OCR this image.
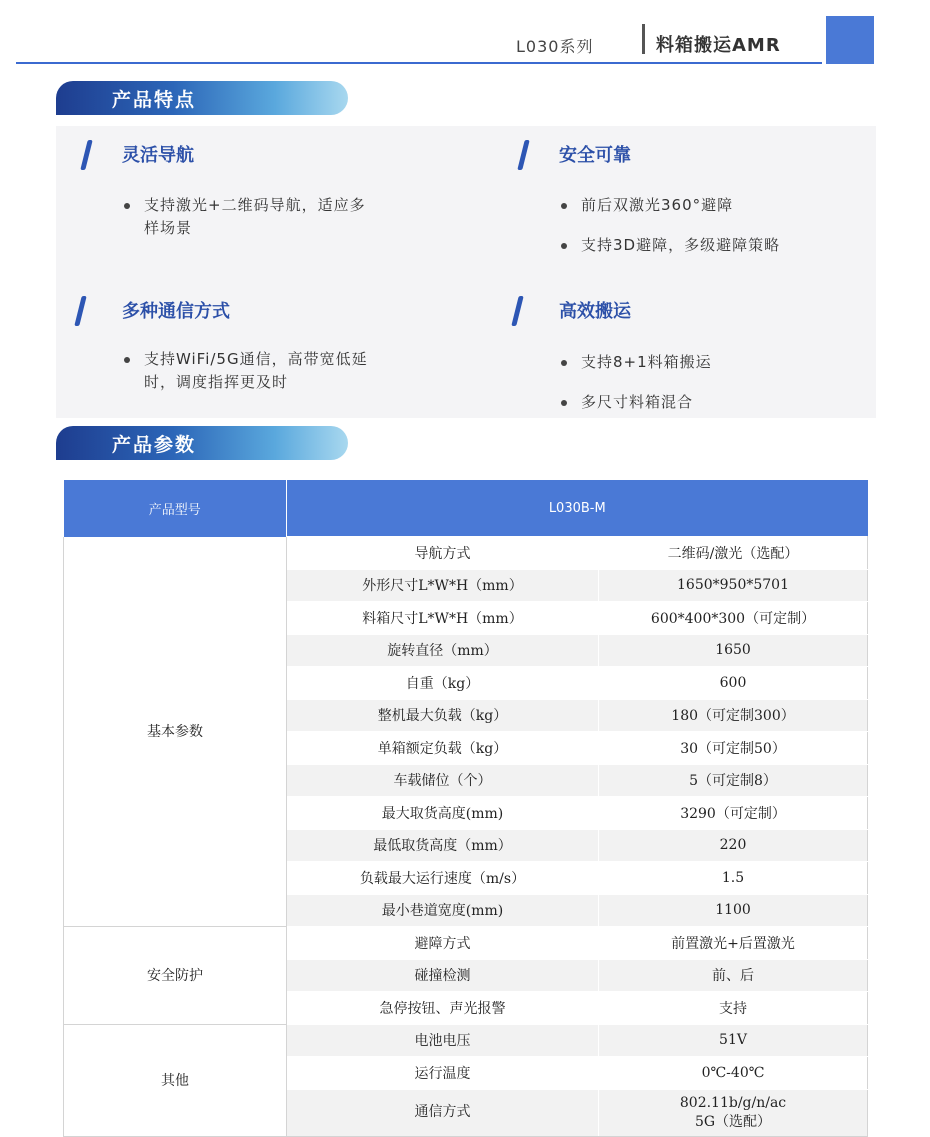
L030系列	料箱搬运AMR
产品特点
灵活导航
支持激光+二维码导航，适应多样场景
安全可靠
前后双激光360°避障
支持3D避障，多级避障策略
多种通信方式
支持WiFi/5G通信，高带宽低延时，调度指挥更及时
高效搬运
支持8+1料箱搬运
多尺寸料箱混合
产品参数
产品型号	L030B-M	
基本参数	导航方式	二维码/激光（选配）
	外形尺寸L*W*H（mm）	1650*950*5701
	料箱尺寸L*W*H（mm）	600*400*300（可定制）
	旋转直径（mm）	1650
	自重（kg）	600
	整机最大负载（kg）	180（可定制300）
	单箱额定负载（kg）	30（可定制50）
	车载储位（个）	5（可定制8）
	最大取货高度(mm)	3290（可定制）
	最低取货高度（mm）	220
	负载最大运行速度（m/s）	1.5
	最小巷道宽度(mm)	1100
安全防护	避障方式	前置激光+后置激光
	碰撞检测	前、后
	急停按钮、声光报警	支持
其他	电池电压	51V
	运行温度	0℃-40℃
	通信方式	802.11b/g/n/ac
5G（选配）
